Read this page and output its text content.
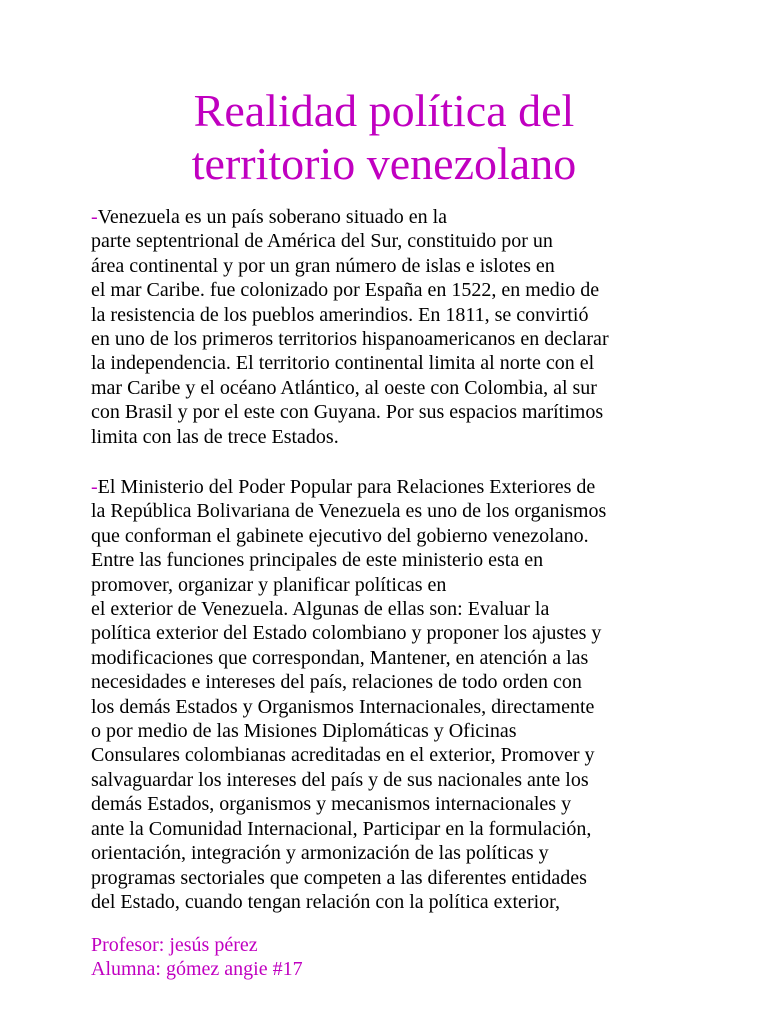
Realidad política del
territorio venezolano
-Venezuela es un país soberano situado en la
parte septentrional de América del Sur, constituido por un
área continental y por un gran número de islas e islotes en
el mar Caribe. fue colonizado por España en 1522, en medio de
la resistencia de los pueblos amerindios. En 1811, se convirtió
en uno de los primeros territorios hispanoamericanos en declarar
la independencia. El territorio continental limita al norte con el
mar Caribe y el océano Atlántico, al oeste con Colombia, al sur
con Brasil y por el este con Guyana. Por sus espacios marítimos
limita con las de trece Estados.
-El Ministerio del Poder Popular para Relaciones Exteriores de
la República Bolivariana de Venezuela es uno de los organismos
que conforman el gabinete ejecutivo del gobierno venezolano.
Entre las funciones principales de este ministerio esta en
promover, organizar y planificar políticas en
el exterior de Venezuela. Algunas de ellas son: Evaluar la
política exterior del Estado colombiano y proponer los ajustes y
modificaciones que correspondan, Mantener, en atención a las
necesidades e intereses del país, relaciones de todo orden con
los demás Estados y Organismos Internacionales, directamente
o por medio de las Misiones Diplomáticas y Oficinas
Consulares colombianas acreditadas en el exterior, Promover y
salvaguardar los intereses del país y de sus nacionales ante los
demás Estados, organismos y mecanismos internacionales y
ante la Comunidad Internacional, Participar en la formulación,
orientación, integración y armonización de las políticas y
programas sectoriales que competen a las diferentes entidades
del Estado, cuando tengan relación con la política exterior,
Profesor: jesús pérez
Alumna: gómez angie #17
